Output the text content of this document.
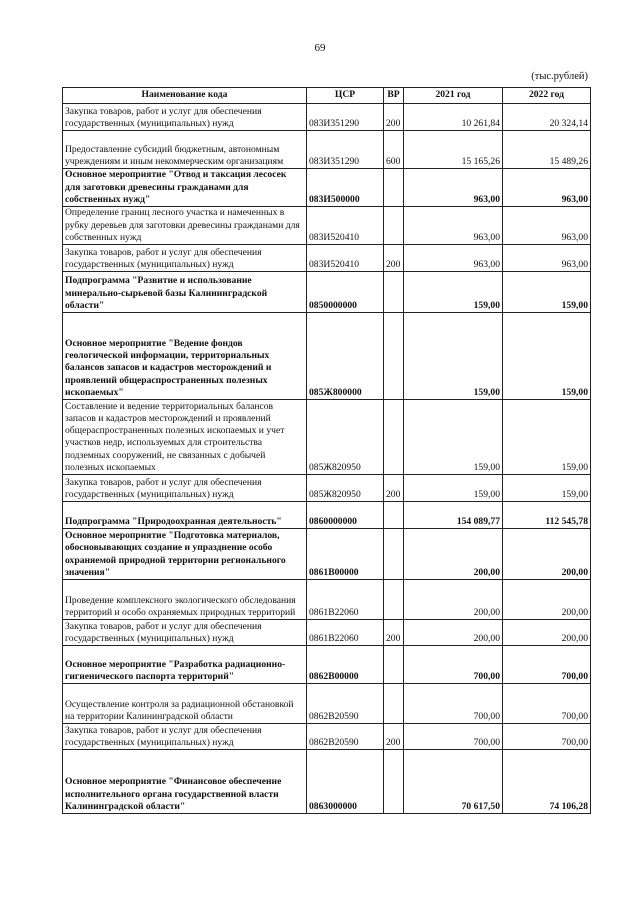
69
(тыс.рублей)
Наименование кода	ЦСР	ВР	2021 год	2022 год
Закупка товаров, работ и услуг для обеспечения государственных (муниципальных) нужд	083И351290	200	10 261,84	20 324,14
Предоставление субсидий бюджетным, автономным учреждениям и иным некоммерческим организациям	083И351290	600	15 165,26	15 489,26
Основное мероприятие "Отвод и таксация лесосек для заготовки древесины гражданами для собственных нужд"	083И500000		963,00	963,00
Определение границ лесного участка и намеченных в рубку деревьев для заготовки древесины гражданами для собственных нужд	083И520410		963,00	963,00
Закупка товаров, работ и услуг для обеспечения государственных (муниципальных) нужд	083И520410	200	963,00	963,00
Подпрограмма "Развитие и использование минерально-сырьевой базы Калининградской области"	0850000000		159,00	159,00
Основное мероприятие "Ведение фондов геологической информации, территориальных балансов запасов и кадастров месторождений и проявлений общераспространенных полезных ископаемых"	085Ж800000		159,00	159,00
Составление и ведение территориальных балансов запасов и кадастров месторождений и проявлений общераспространенных полезных ископаемых и учет участков недр, используемых для строительства подземных сооружений, не связанных с добычей полезных ископаемых	085Ж820950		159,00	159,00
Закупка товаров, работ и услуг для обеспечения государственных (муниципальных) нужд	085Ж820950	200	159,00	159,00
Подпрограмма "Природоохранная деятельность"	0860000000		154 089,77	112 545,78
Основное мероприятие "Подготовка материалов, обосновывающих создание и упразднение особо охраняемой природной территории регионального значения"	0861В00000		200,00	200,00
Проведение комплексного экологического обследования территорий и особо охраняемых природных территорий	0861В22060		200,00	200,00
Закупка товаров, работ и услуг для обеспечения государственных (муниципальных) нужд	0861В22060	200	200,00	200,00
Основное мероприятие "Разработка радиационно-гигиенического паспорта территорий"	0862В00000		700,00	700,00
Осуществление контроля за радиационной обстановкой на территории Калининградской области	0862В20590		700,00	700,00
Закупка товаров, работ и услуг для обеспечения государственных (муниципальных) нужд	0862В20590	200	700,00	700,00
Основное мероприятие "Финансовое обеспечение исполнительного органа государственной власти Калининградской области"	0863000000		70 617,50	74 106,28
